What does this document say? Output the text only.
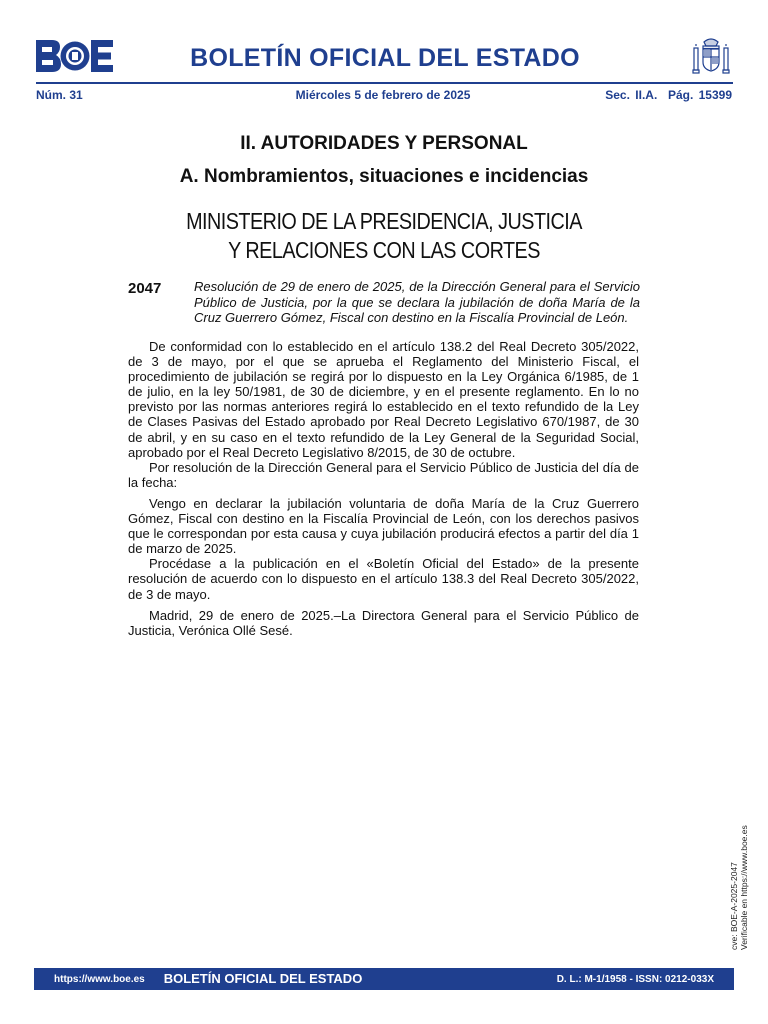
BOLETÍN OFICIAL DEL ESTADO
Núm. 31	Miércoles 5 de febrero de 2025	Sec. II.A. Pág. 15399
II. AUTORIDADES Y PERSONAL
A. Nombramientos, situaciones e incidencias
MINISTERIO DE LA PRESIDENCIA, JUSTICIA
Y RELACIONES CON LAS CORTES
2047	Resolución de 29 de enero de 2025, de la Dirección General para el Servicio Público de Justicia, por la que se declara la jubilación de doña María de la Cruz Guerrero Gómez, Fiscal con destino en la Fiscalía Provincial de León.

De conformidad con lo establecido en el artículo 138.2 del Real Decreto 305/2022, de 3 de mayo, por el que se aprueba el Reglamento del Ministerio Fiscal, el procedimiento de jubilación se regirá por lo dispuesto en la Ley Orgánica 6/1985, de 1 de julio, en la ley 50/1981, de 30 de diciembre, y en el presente reglamento. En lo no previsto por las normas anteriores regirá lo establecido en el texto refundido de la Ley de Clases Pasivas del Estado aprobado por Real Decreto Legislativo 670/1987, de 30 de abril, y en su caso en el texto refundido de la Ley General de la Seguridad Social, aprobado por el Real Decreto Legislativo 8/2015, de 30 de octubre.

Por resolución de la Dirección General para el Servicio Público de Justicia del día de la fecha:

Vengo en declarar la jubilación voluntaria de doña María de la Cruz Guerrero Gómez, Fiscal con destino en la Fiscalía Provincial de León, con los derechos pasivos que le correspondan por esta causa y cuya jubilación producirá efectos a partir del día 1 de marzo de 2025.

Procédase a la publicación en el «Boletín Oficial del Estado» de la presente resolución de acuerdo con lo dispuesto en el artículo 138.3 del Real Decreto 305/2022, de 3 de mayo.

Madrid, 29 de enero de 2025.–La Directora General para el Servicio Público de Justicia, Verónica Ollé Sesé.

cve: BOE-A-2025-2047 Verificable en https://www.boe.es
https://www.boe.es	BOLETÍN OFICIAL DEL ESTADO	D. L.: M-1/1958 - ISSN: 0212-033X
